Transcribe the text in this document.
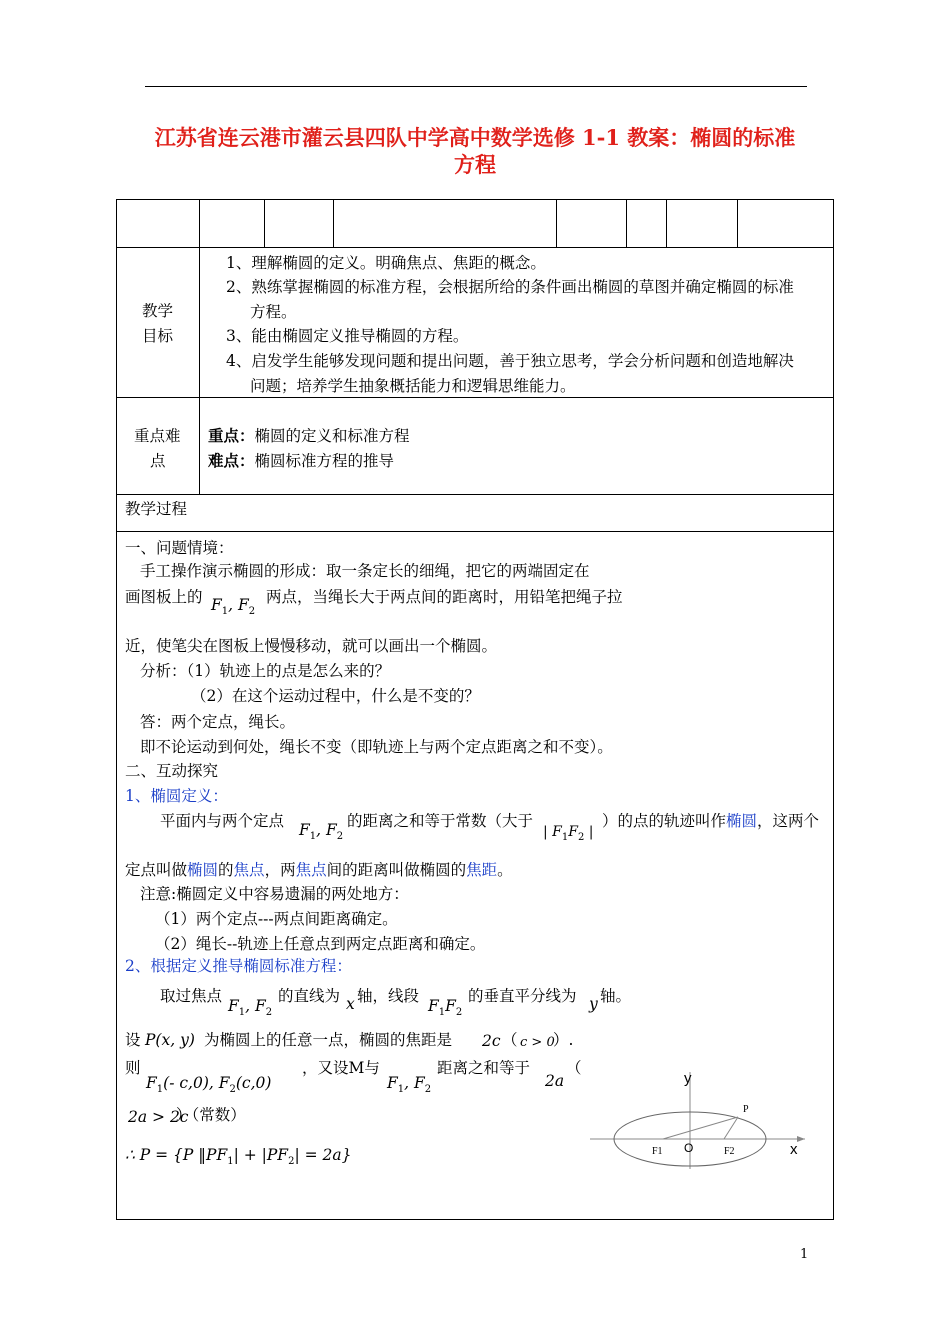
江苏省连云港市灌云县四队中学高中数学选修 1-1 教案：椭圆的标准
方程
教学
目标
1、理解椭圆的定义。明确焦点、焦距的概念。
2、熟练掌握椭圆的标准方程，会根据所给的条件画出椭圆的草图并确定椭圆的标准
方程。
3、能由椭圆定义推导椭圆的方程。
4、启发学生能够发现问题和提出问题，善于独立思考，学会分析问题和创造地解决
问题；培养学生抽象概括能力和逻辑思维能力。
重点难
点
重点：椭圆的定义和标准方程
难点：椭圆标准方程的推导
教学过程
一、问题情境：
手工操作演示椭圆的形成：取一条定长的细绳，把它的两端固定在
画图板上的 $F_1$, $F_2$
两点，当绳长大于两点间的距离时，用铅笔把绳子拉
近，使笔尖在图板上慢慢移动，就可以画出一个椭圆。
分析：（1）轨迹上的点是怎么来的？
（2）在这个运动过程中，什么是不变的？
答：两个定点，绳长。
即不论运动到何处，绳长不变（即轨迹上与两个定点距离之和不变）。
二、互动探究
1、椭圆定义：
平面内与两个定点 $F_1$, $F_2$
的距离之和等于常数（大于
| $F_1F_2$ |
）的点的轨迹叫作椭圆，这两个
定点叫做椭圆的焦点，两焦点间的距离叫做椭圆的焦距。
注意:椭圆定义中容易遗漏的两处地方：
（1）两个定点---两点间距离确定。
（2）绳长--轨迹上任意点到两定点距离和确定。
2、根据定义推导椭圆标准方程：
取过焦点
$F_1$, $F_2$
的直线为 x 轴，线段
$F_1F_2$
的垂直平分线为 y 轴。
设 P(x, y) 为椭圆上的任意一点，椭圆的焦距是 2c （ c > 0
）.
则
$F_1(-$ c,0), $F_2(c,0)$
，又设M与
$F_1$, $F_2$
距离之和等于
2a
（
2a > 2c
）（常数）
∴ P = {P $‖PF_1| + |PF_2| = 2a$}
y
x
P
O
F1	F2
1
